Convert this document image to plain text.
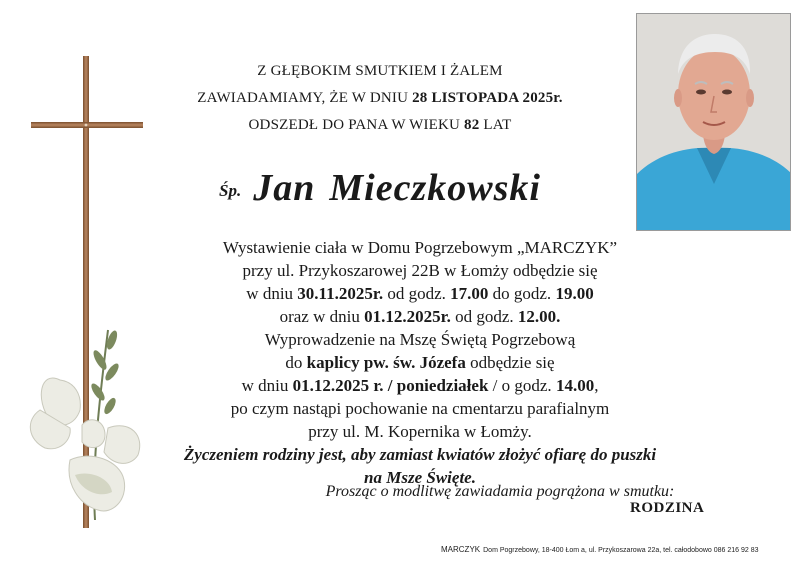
Z GŁĘBOKIM SMUTKIEM I ŻALEM
ZAWIADAMIAMY, ŻE W DNIU 28 LISTOPADA 2025r.
ODSZEDŁ DO PANA W WIEKU 82 LAT
Śp. Jan Mieczkowski
Wystawienie ciała w Domu Pogrzebowym „MARCZYK”
przy ul. Przykoszarowej 22B w Łomży odbędzie się
w dniu 30.11.2025r. od godz. 17.00 do godz. 19.00
oraz w dniu 01.12.2025r. od godz. 12.00.
Wyprowadzenie na Mszę Świętą Pogrzebową
do kaplicy pw. św. Józefa odbędzie się
w dniu 01.12.2025 r. / poniedziałek / o godz. 14.00,
po czym nastąpi pochowanie na cmentarzu parafialnym
przy ul. M. Kopernika w Łomży.
Życzeniem rodziny jest, aby zamiast kwiatów złożyć ofiarę do puszki
na Msze Święte.
Prosząc o modlitwę zawiadamia pogrążona w smutku:
RODZINA
MARCZYK Dom Pogrzebowy, 18-400 Łom a, ul. Przykoszarowa 22a, tel. całodobowo 086 216 92 83
